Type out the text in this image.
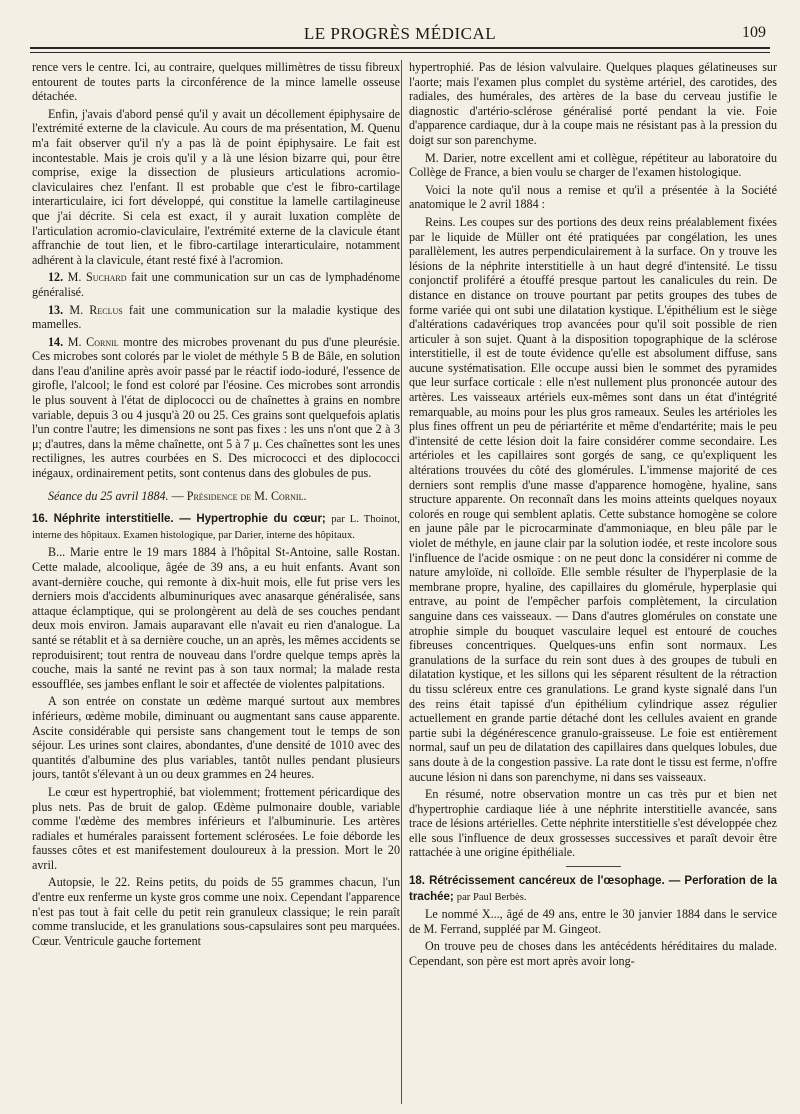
LE PROGRÈS MÉDICAL	109

rence vers le centre. Ici, au contraire, quelques millimètres de tissu fibreux entourent de toutes parts la circonférence de la mince lamelle osseuse détachée.

Enfin, j'avais d'abord pensé qu'il y avait un décollement épiphysaire de l'extrémité externe de la clavicule. Au cours de ma présentation, M. Quenu m'a fait observer qu'il n'y a pas là de point épiphysaire. Le fait est incontestable. Mais je crois qu'il y a là une lésion bizarre qui, pour être comprise, exige la dissection de plusieurs articulations acromio-claviculaires chez l'enfant. Il est probable que c'est le fibro-cartilage interarticulaire, ici fort développé, qui constitue la lamelle cartilagineuse que j'ai décrite. Si cela est exact, il y aurait luxation complète de l'articulation acromio-claviculaire, l'extrémité externe de la clavicule étant affranchie de tout lien, et le fibro-cartilage interarticulaire, notamment adhérent à la clavicule, étant resté fixé à l'acromion.

12. M. Suchard fait une communication sur un cas de lymphadénome généralisé.

13. M. Reclus fait une communication sur la maladie kystique des mamelles.

14. M. Cornil montre des microbes provenant du pus d'une pleurésie. Ces microbes sont colorés par le violet de méthyle 5 B de Bâle, en solution dans l'eau d'aniline après avoir passé par le réactif iodo-ioduré, l'essence de girofle, l'alcool; le fond est coloré par l'éosine. Ces microbes sont arrondis le plus souvent à l'état de diplococci ou de chaînettes à grains en nombre variable, depuis 3 ou 4 jusqu'à 20 ou 25. Ces grains sont quelquefois aplatis l'un contre l'autre; les dimensions ne sont pas fixes : les uns n'ont que 2 à 3 μ; d'autres, dans la même chaînette, ont 5 à 7 μ. Ces chaînettes sont les unes rectilignes, les autres courbées en S. Des micrococci et des diplococci inégaux, ordinairement petits, sont contenus dans des globules de pus.

Séance du 25 avril 1884. — Présidence de M. Cornil.

16. Néphrite interstitielle. — Hypertrophie du cœur; par L. Thoinot, interne des hôpitaux. Examen histologique, par Darier, interne des hôpitaux.

B... Marie entre le 19 mars 1884 à l'hôpital St-Antoine, salle Rostan. Cette malade, alcoolique, âgée de 39 ans, a eu huit enfants. Avant son avant-dernière couche, qui remonte à dix-huit mois, elle fut prise vers les derniers mois d'accidents albuminuriques avec anasarque généralisée, sans attaque éclamptique, qui se prolongèrent au delà de ses couches pendant deux mois environ. Jamais auparavant elle n'avait eu rien d'analogue. La santé se rétablit et à sa dernière couche, un an après, les mêmes accidents se reproduisirent; tout rentra de nouveau dans l'ordre quelque temps après la couche, mais la santé ne revint pas à son taux normal; la malade resta essoufflée, ses jambes enflant le soir et affectée de violentes palpitations.

A son entrée on constate un œdème marqué surtout aux membres inférieurs, œdème mobile, diminuant ou augmentant sans cause apparente. Ascite considérable qui persiste sans changement tout le temps de son séjour. Les urines sont claires, abondantes, d'une densité de 1010 avec des quantités d'albumine des plus variables, tantôt nulles pendant plusieurs jours, tantôt s'élevant à un ou deux grammes en 24 heures.

Le cœur est hypertrophié, bat violemment; frottement péricardique des plus nets. Pas de bruit de galop. Œdème pulmonaire double, variable comme l'œdème des membres inférieurs et l'albuminurie. Les artères radiales et humérales paraissent fortement sclérosées. Le foie déborde les fausses côtes et est manifestement douloureux à la pression. Mort le 20 avril.

Autopsie, le 22. Reins petits, du poids de 55 grammes chacun, l'un d'entre eux renferme un kyste gros comme une noix. Cependant l'apparence n'est pas tout à fait celle du petit rein granuleux classique; le rein paraît comme translucide, et les granulations sous-capsulaires sont peu marquées. Cœur. Ventricule gauche fortement

hypertrophié. Pas de lésion valvulaire. Quelques plaques gélatineuses sur l'aorte; mais l'examen plus complet du système artériel, des carotides, des radiales, des humérales, des artères de la base du cerveau justifie le diagnostic d'artério-sclérose généralisé porté pendant la vie. Foie d'apparence cardiaque, dur à la coupe mais ne résistant pas à la pression du doigt sur son parenchyme.

M. Darier, notre excellent ami et collègue, répétiteur au laboratoire du Collège de France, a bien voulu se charger de l'examen histologique.

Voici la note qu'il nous a remise et qu'il a présentée à la Société anatomique le 2 avril 1884 :

Reins. Les coupes sur des portions des deux reins préalablement fixées par le liquide de Müller ont été pratiquées par congélation, les unes parallèlement, les autres perpendiculairement à la surface. On y trouve les lésions de la néphrite interstitielle à un haut degré d'intensité. Le tissu conjonctif proliféré a étouffé presque partout les canalicules du rein. De distance en distance on trouve pourtant par petits groupes des tubes de forme variée qui ont subi une dilatation kystique. L'épithélium est le siège d'altérations cadavériques trop avancées pour qu'il soit possible de rien articuler à son sujet. Quant à la disposition topographique de la sclérose interstitielle, il est de toute évidence qu'elle est absolument diffuse, sans aucune systématisation. Elle occupe aussi bien le sommet des pyramides que leur surface corticale : elle n'est nullement plus prononcée autour des artères. Les vaisseaux artériels eux-mêmes sont dans un état d'intégrité remarquable, au moins pour les plus gros rameaux. Seules les artérioles les plus fines offrent un peu de périartérite et même d'endartérite; mais le peu d'intensité de cette lésion doit la faire considérer comme secondaire. Les artérioles et les capillaires sont gorgés de sang, ce qu'expliquent les altérations trouvées du côté des glomérules. L'immense majorité de ces derniers sont remplis d'une masse d'apparence homogène, hyaline, sans structure apparente. On reconnaît dans les moins atteints quelques noyaux colorés en rouge qui semblent aplatis. Cette substance homogène se colore en jaune pâle par le picrocarminate d'ammoniaque, en bleu pâle par le violet de méthyle, en jaune clair par la solution iodée, et reste incolore sous l'influence de l'acide osmique : on ne peut donc la considérer ni comme de nature amyloïde, ni colloïde. Elle semble résulter de l'hyperplasie de la membrane propre, hyaline, des capillaires du glomérule, hyperplasie qui entrave, au point de l'empêcher parfois complètement, la circulation sanguine dans ces vaisseaux. — Dans d'autres glomérules on constate une atrophie simple du bouquet vasculaire lequel est entouré de couches fibreuses concentriques. Quelques-uns enfin sont normaux. Les granulations de la surface du rein sont dues à des groupes de tubuli en dilatation kystique, et les sillons qui les séparent résultent de la rétraction du tissu scléreux entre ces granulations. Le grand kyste signalé dans l'un des reins était tapissé d'un épithélium cylindrique assez régulier actuellement en grande partie détaché dont les cellules avaient en grande partie subi la dégénérescence granulo-graisseuse. Le foie est entièrement normal, sauf un peu de dilatation des capillaires dans quelques lobules, due sans doute à de la congestion passive. La rate dont le tissu est ferme, n'offre aucune lésion ni dans son parenchyme, ni dans ses vaisseaux.

En résumé, notre observation montre un cas très pur et bien net d'hypertrophie cardiaque liée à une néphrite interstitielle avancée, sans trace de lésions artérielles. Cette néphrite interstitielle s'est développée chez elle sous l'influence de deux grossesses successives et paraît devoir être rattachée à une origine épithéliale.

18. Rétrécissement cancéreux de l'œsophage. — Perforation de la trachée; par Paul Berbès.

Le nommé X..., âgé de 49 ans, entre le 30 janvier 1884 dans le service de M. Ferrand, suppléé par M. Gingeot.

On trouve peu de choses dans les antécédents héréditaires du malade. Cependant, son père est mort après avoir long-
